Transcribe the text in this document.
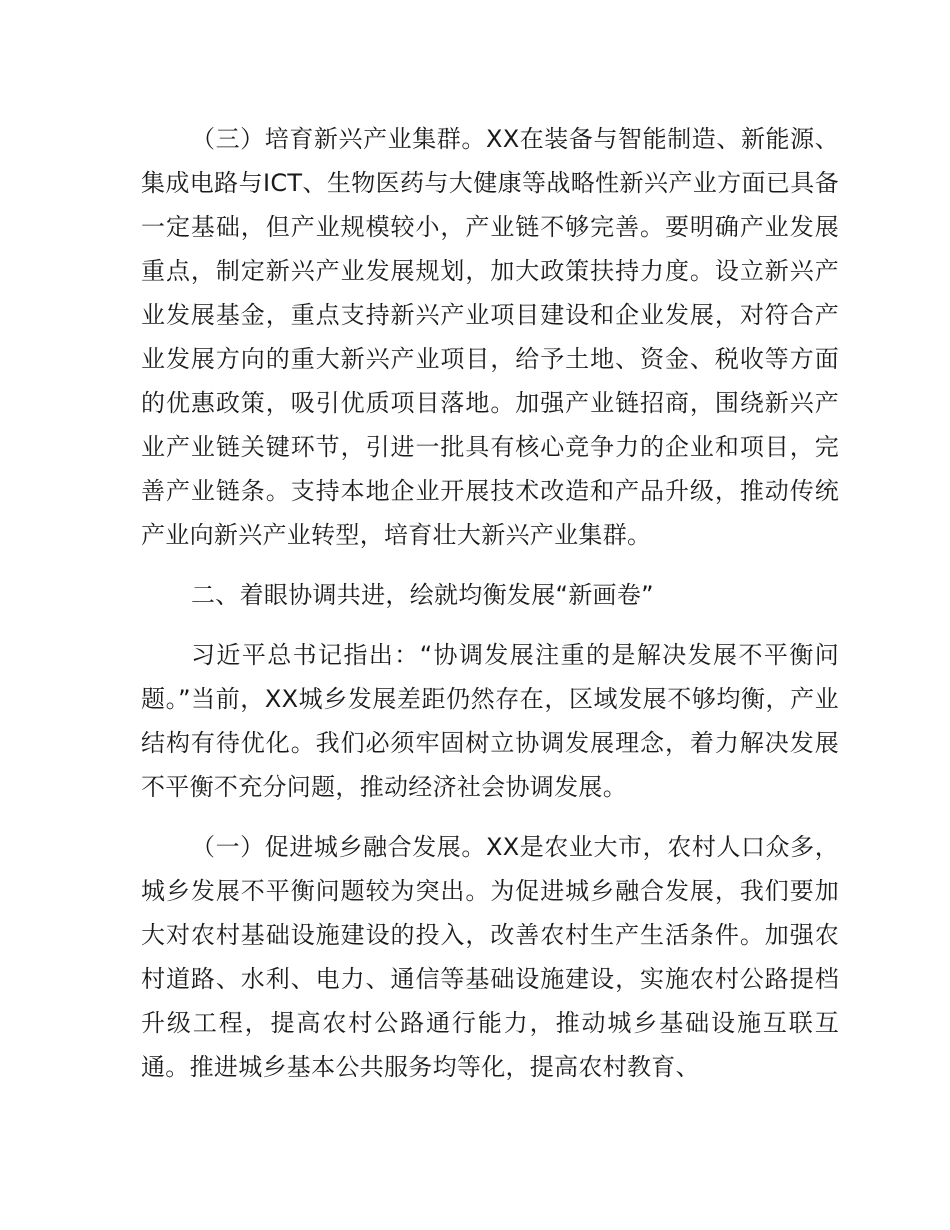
（三）培育新兴产业集群。XX在装备与智能制造、新能源、集成电路与ICT、生物医药与大健康等战略性新兴产业方面已具备一定基础，但产业规模较小，产业链不够完善。要明确产业发展重点，制定新兴产业发展规划，加大政策扶持力度。设立新兴产业发展基金，重点支持新兴产业项目建设和企业发展，对符合产业发展方向的重大新兴产业项目，给予土地、资金、税收等方面的优惠政策，吸引优质项目落地。加强产业链招商，围绕新兴产业产业链关键环节，引进一批具有核心竞争力的企业和项目，完善产业链条。支持本地企业开展技术改造和产品升级，推动传统产业向新兴产业转型，培育壮大新兴产业集群。

二、着眼协调共进，绘就均衡发展“新画卷”

习近平总书记指出：“协调发展注重的是解决发展不平衡问题。”当前，XX城乡发展差距仍然存在，区域发展不够均衡，产业结构有待优化。我们必须牢固树立协调发展理念，着力解决发展不平衡不充分问题，推动经济社会协调发展。

（一）促进城乡融合发展。XX是农业大市，农村人口众多，城乡发展不平衡问题较为突出。为促进城乡融合发展，我们要加大对农村基础设施建设的投入，改善农村生产生活条件。加强农村道路、水利、电力、通信等基础设施建设，实施农村公路提档升级工程，提高农村公路通行能力，推动城乡基础设施互联互通。推进城乡基本公共服务均等化，提高农村教育、
